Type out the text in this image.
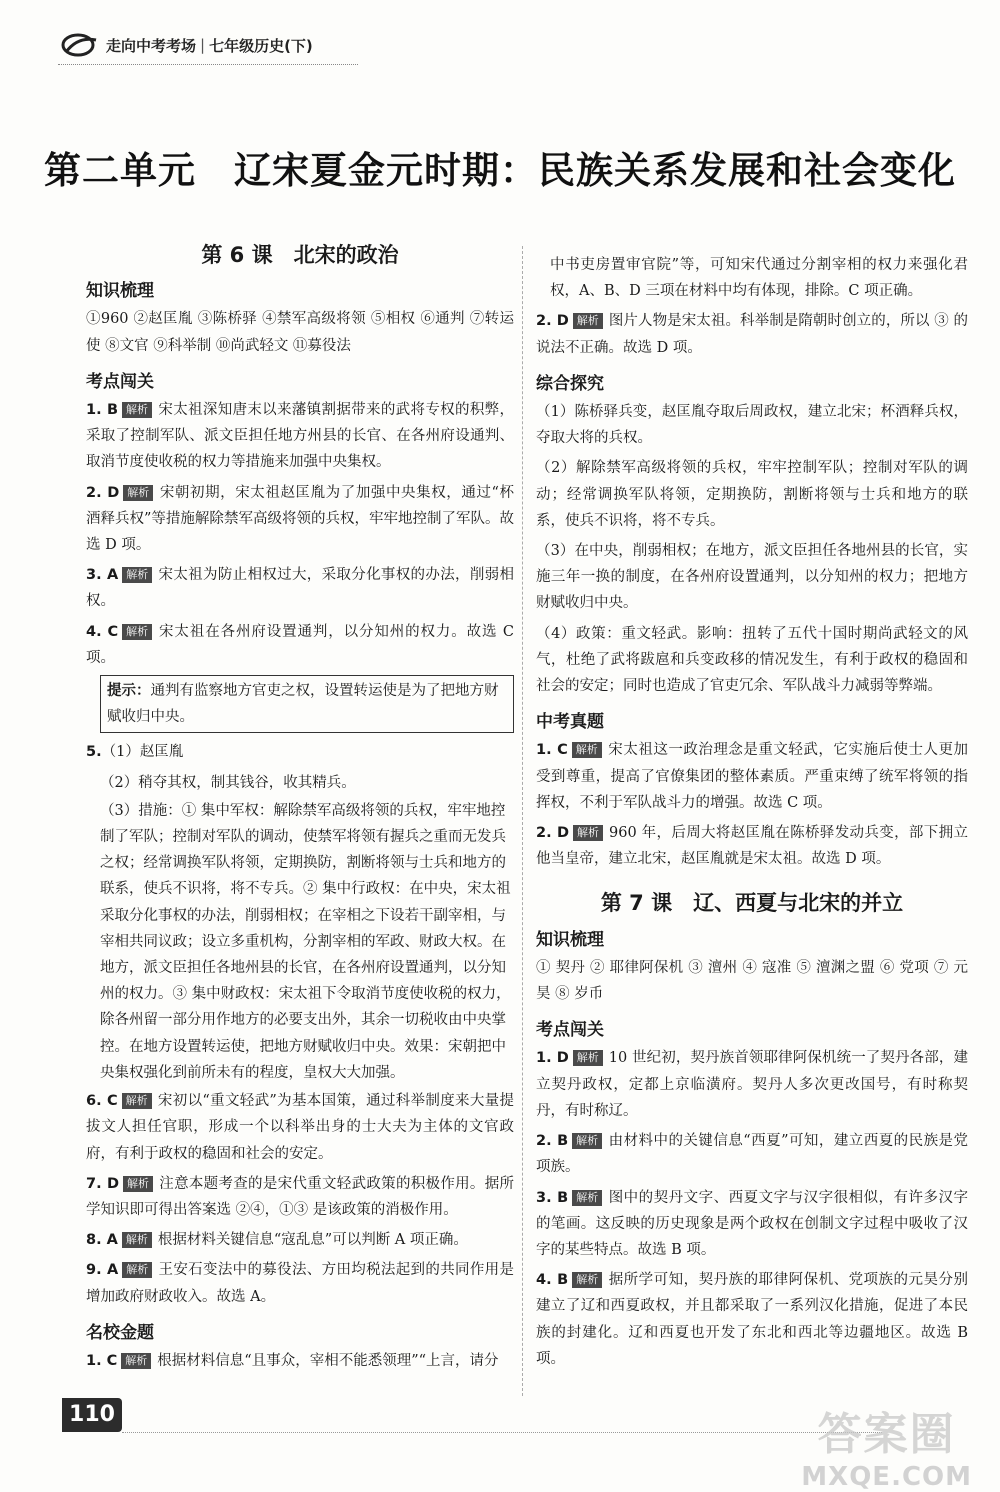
走向中考考场 | 七年级历史(下)
第二单元　辽宋夏金元时期：民族关系发展和社会变化
第 6 课　北宋的政治
知识梳理
①960 ②赵匡胤 ③陈桥驿 ④禁军高级将领 ⑤相权 ⑥通判 ⑦转运使 ⑧文官 ⑨科举制 ⑩尚武轻文 ⑪募役法
考点闯关
1. B 解析 宋太祖深知唐末以来藩镇割据带来的武将专权的积弊，采取了控制军队、派文臣担任地方州县的长官、在各州府设通判、取消节度使收税的权力等措施来加强中央集权。
2. D 解析 宋朝初期，宋太祖赵匡胤为了加强中央集权，通过“杯酒释兵权”等措施解除禁军高级将领的兵权，牢牢地控制了军队。故选 D 项。
3. A 解析 宋太祖为防止相权过大，采取分化事权的办法，削弱相权。
4. C 解析 宋太祖在各州府设置通判，以分知州的权力。故选 C 项。
提示：通判有监察地方官吏之权，设置转运使是为了把地方财赋收归中央。
5.（1）赵匡胤
（2）稍夺其权，制其钱谷，收其精兵。
（3）措施：① 集中军权：解除禁军高级将领的兵权，牢牢地控制了军队；控制对军队的调动，使禁军将领有握兵之重而无发兵之权；经常调换军队将领，定期换防，割断将领与士兵和地方的联系，使兵不识将，将不专兵。② 集中行政权：在中央，宋太祖采取分化事权的办法，削弱相权；在宰相之下设若干副宰相，与宰相共同议政；设立多重机构，分割宰相的军政、财政大权。在地方，派文臣担任各地州县的长官，在各州府设置通判，以分知州的权力。③ 集中财政权：宋太祖下令取消节度使收税的权力，除各州留一部分用作地方的必要支出外，其余一切税收由中央掌控。在地方设置转运使，把地方财赋收归中央。效果：宋朝把中央集权强化到前所未有的程度，皇权大大加强。
6. C 解析 宋初以“重文轻武”为基本国策，通过科举制度来大量提拔文人担任官职，形成一个以科举出身的士大夫为主体的文官政府，有利于政权的稳固和社会的安定。
7. D 解析 注意本题考查的是宋代重文轻武政策的积极作用。据所学知识即可得出答案选 ②④，①③ 是该政策的消极作用。
8. A 解析 根据材料关键信息“寇乱息”可以判断 A 项正确。
9. A 解析 王安石变法中的募役法、方田均税法起到的共同作用是增加政府财政收入。故选 A。
名校金题
1. C 解析 根据材料信息“且事众，宰相不能悉领理”“上言，请分
中书吏房置审官院”等，可知宋代通过分割宰相的权力来强化君权，A、B、D 三项在材料中均有体现，排除。C 项正确。
2. D 解析 图片人物是宋太祖。科举制是隋朝时创立的，所以 ③ 的说法不正确。故选 D 项。
综合探究
（1）陈桥驿兵变，赵匡胤夺取后周政权，建立北宋；杯酒释兵权，夺取大将的兵权。
（2）解除禁军高级将领的兵权，牢牢控制军队；控制对军队的调动；经常调换军队将领，定期换防，割断将领与士兵和地方的联系，使兵不识将，将不专兵。
（3）在中央，削弱相权；在地方，派文臣担任各地州县的长官，实施三年一换的制度，在各州府设置通判，以分知州的权力；把地方财赋收归中央。
（4）政策：重文轻武。影响：扭转了五代十国时期尚武轻文的风气，杜绝了武将跋扈和兵变政移的情况发生，有利于政权的稳固和社会的安定；同时也造成了官吏冗余、军队战斗力减弱等弊端。
中考真题
1. C 解析 宋太祖这一政治理念是重文轻武，它实施后使士人更加受到尊重，提高了官僚集团的整体素质。严重束缚了统军将领的指挥权，不利于军队战斗力的增强。故选 C 项。
2. D 解析 960 年，后周大将赵匡胤在陈桥驿发动兵变，部下拥立他当皇帝，建立北宋，赵匡胤就是宋太祖。故选 D 项。
第 7 课　辽、西夏与北宋的并立
知识梳理
① 契丹 ② 耶律阿保机 ③ 澶州 ④ 寇准 ⑤ 澶渊之盟 ⑥ 党项 ⑦ 元昊 ⑧ 岁币
考点闯关
1. D 解析 10 世纪初，契丹族首领耶律阿保机统一了契丹各部，建立契丹政权，定都上京临潢府。契丹人多次更改国号，有时称契丹，有时称辽。
2. B 解析 由材料中的关键信息“西夏”可知，建立西夏的民族是党项族。
3. B 解析 图中的契丹文字、西夏文字与汉字很相似，有许多汉字的笔画。这反映的历史现象是两个政权在创制文字过程中吸收了汉字的某些特点。故选 B 项。
4. B 解析 据所学可知，契丹族的耶律阿保机、党项族的元昊分别建立了辽和西夏政权，并且都采取了一系列汉化措施，促进了本民族的封建化。辽和西夏也开发了东北和西北等边疆地区。故选 B 项。
110	答案圈
MXQE.COM
